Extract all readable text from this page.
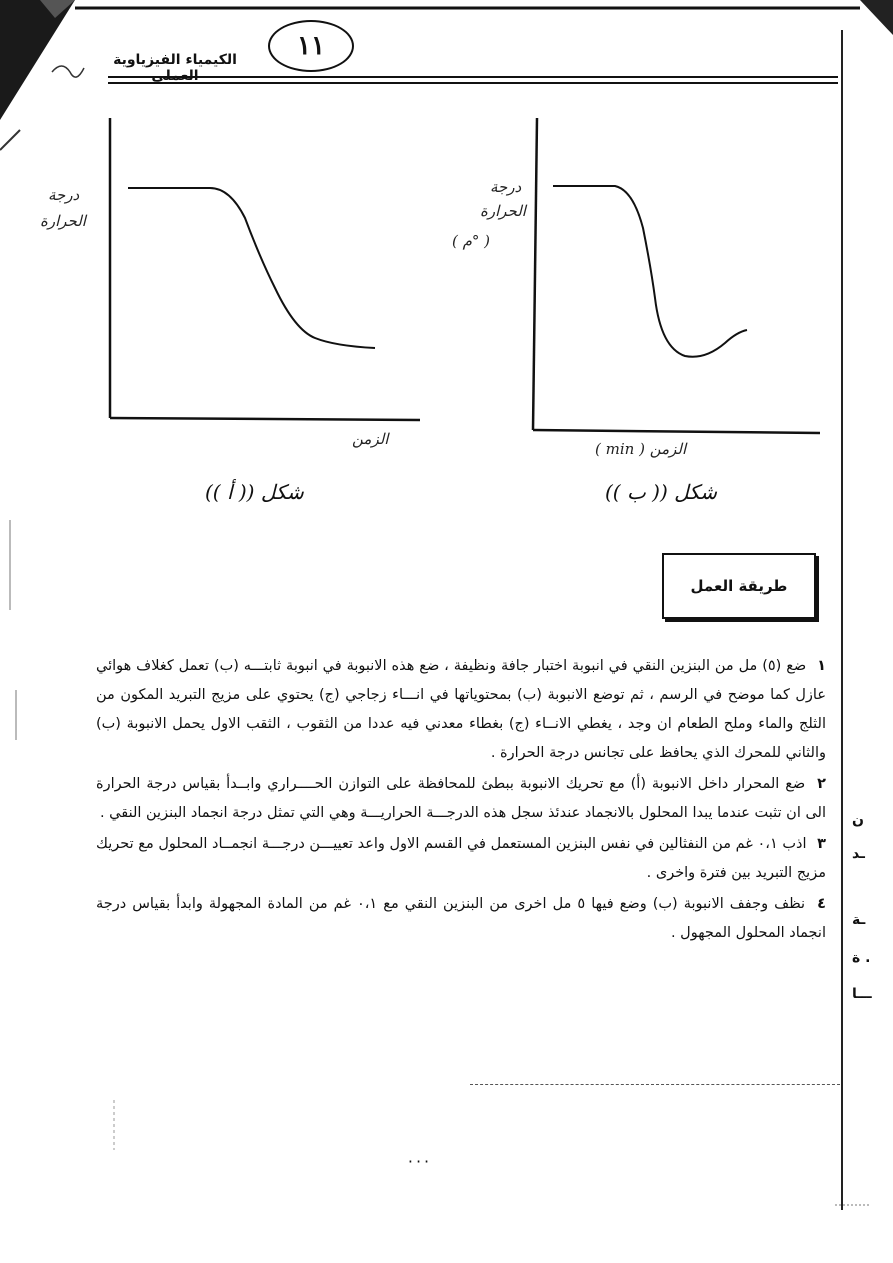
الكيمياء الفيزياوية العملي
١١
درجة
الحرارة
الزمن
شكل (( أ ))
درجة
الحرارة
( °م )
الزمن ( min )
شكل (( ب ))
طريقة العمل
١ ضع (٥) مل من البنزين النقي في انبوبة اختبار جافة ونظيفة ، ضع هذه الانبوبة في انبوبة ثابتـــه (ب) تعمل كغلاف هوائي عازل كما موضح في الرسم ، ثم توضع الانبوبة (ب) بمحتوياتها في انـــاء زجاجي (ج) يحتوي على مزيج التبريد المكون من الثلج والماء وملح الطعام ان وجد ، يغطي الانــاء (ج) بغطاء معدني فيه عددا من الثقوب ، الثقب الاول يحمل الانبوبة (ب) والثاني للمحرك الذي يحافظ على تجانس درجة الحرارة .
٢ ضع المحرار داخل الانبوبة (أ) مع تحريك الانبوبة ببطئ للمحافظة على التوازن الحــــراري وابــدأ بقياس درجة الحرارة الى ان تثبت عندما يبدا المحلول بالانجماد عندئذ سجل هذه الدرجـــة الحراريـــة وهي التي تمثل درجة انجماد البنزين النقي .
٣ اذب ٠،١ غم من النفثالين في نفس البنزين المستعمل في القسم الاول واعد تعييـــن درجـــة انجمــاد المحلول مع تحريك مزيج التبريد بين فترة واخرى .
٤ نظف وجفف الانبوبة (ب) وضع فيها ٥ مل اخرى من البنزين النقي مع ٠،١ غم من المادة المجهولة وابدأ بقياس درجة انجماد المحلول المجهول .
···
ن
ـد
ـة
ة .
ـــا
